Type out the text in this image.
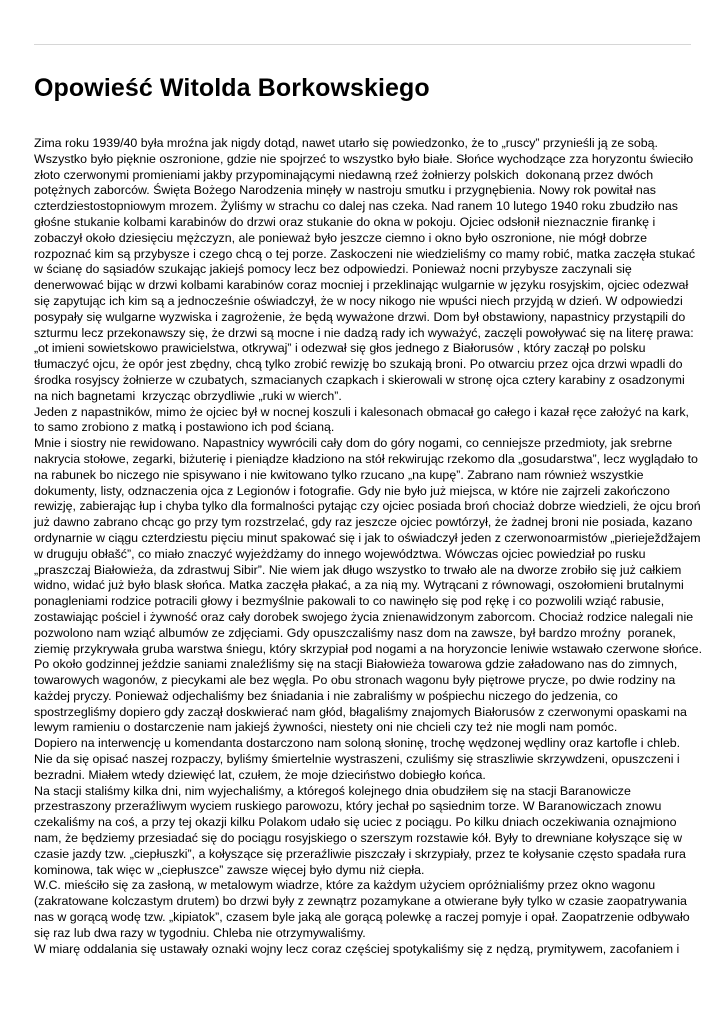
Opowieść Witolda Borkowskiego
Zima roku 1939/40 była mroźna jak nigdy dotąd, nawet utarło się powiedzonko, że to „ruscy” przynieśli ją ze sobą.
Wszystko było pięknie oszronione, gdzie nie spojrzeć to wszystko było białe. Słońce wychodzące zza horyzontu świeciło
złoto czerwonymi promieniami jakby przypominającymi niedawną rzeź żołnierzy polskich  dokonaną przez dwóch
potężnych zaborców. Święta Bożego Narodzenia minęły w nastroju smutku i przygnębienia. Nowy rok powitał nas
czterdziestostopniowym mrozem. Żyliśmy w strachu co dalej nas czeka. Nad ranem 10 lutego 1940 roku zbudziło nas
głośne stukanie kolbami karabinów do drzwi oraz stukanie do okna w pokoju. Ojciec odsłonił nieznacznie firankę i
zobaczył około dziesięciu mężczyzn, ale ponieważ było jeszcze ciemno i okno było oszronione, nie mógł dobrze
rozpoznać kim są przybysze i czego chcą o tej porze. Zaskoczeni nie wiedzieliśmy co mamy robić, matka zaczęła stukać
w ścianę do sąsiadów szukając jakiejś pomocy lecz bez odpowiedzi. Ponieważ nocni przybysze zaczynali się
denerwować bijąc w drzwi kolbami karabinów coraz mocniej i przeklinając wulgarnie w języku rosyjskim, ojciec odezwał
się zapytując ich kim są a jednocześnie oświadczył, że w nocy nikogo nie wpuści niech przyjdą w dzień. W odpowiedzi
posypały się wulgarne wyzwiska i zagrożenie, że będą wyważone drzwi. Dom był obstawiony, napastnicy przystąpili do
szturmu lecz przekonawszy się, że drzwi są mocne i nie dadzą rady ich wyważyć, zaczęli powoływać się na literę prawa:
„ot imieni sowietskowo prawicielstwa, otkrywaj” i odezwał się głos jednego z Białorusów , który zaczął po polsku
tłumaczyć ojcu, że opór jest zbędny, chcą tylko zrobić rewizję bo szukają broni. Po otwarciu przez ojca drzwi wpadli do
środka rosyjscy żołnierze w czubatych, szmacianych czapkach i skierowali w stronę ojca cztery karabiny z osadzonymi
na nich bagnetami  krzycząc obrzydliwie „ruki w wierch”.
Jeden z napastników, mimo że ojciec był w nocnej koszuli i kalesonach obmacał go całego i kazał ręce założyć na kark,
to samo zrobiono z matką i postawiono ich pod ścianą.
Mnie i siostry nie rewidowano. Napastnicy wywrócili cały dom do góry nogami, co cenniejsze przedmioty, jak srebrne
nakrycia stołowe, zegarki, biżuterię i pieniądze kładziono na stół rekwirując rzekomo dla „gosudarstwa”, lecz wyglądało to
na rabunek bo niczego nie spisywano i nie kwitowano tylko rzucano „na kupę”. Zabrano nam również wszystkie
dokumenty, listy, odznaczenia ojca z Legionów i fotografie. Gdy nie było już miejsca, w które nie zajrzeli zakończono
rewizję, zabierając łup i chyba tylko dla formalności pytając czy ojciec posiada broń chociaż dobrze wiedzieli, że ojcu broń
już dawno zabrano chcąc go przy tym rozstrzelać, gdy raz jeszcze ojciec powtórzył, że żadnej broni nie posiada, kazano
ordynarnie w ciągu czterdziestu pięciu minut spakować się i jak to oświadczył jeden z czerwonoarmistów „pierieježdžajem
w druguju obłašć”, co miało znaczyć wyjeżdżamy do innego województwa. Wówczas ojciec powiedział po rusku
„praszczaj Białowieża, da zdrastwuj Sibir”. Nie wiem jak długo wszystko to trwało ale na dworze zrobiło się już całkiem
widno, widać już było blask słońca. Matka zaczęła płakać, a za nią my. Wytrącani z równowagi, oszołomieni brutalnymi
ponagleniami rodzice potracili głowy i bezmyślnie pakowali to co nawinęło się pod rękę i co pozwolili wziąć rabusie,
zostawiając pościel i żywność oraz cały dorobek swojego życia znienawidzonym zaborcom. Chociaż rodzice nalegali nie
pozwolono nam wziąć albumów ze zdjęciami. Gdy opuszczaliśmy nasz dom na zawsze, był bardzo mroźny  poranek,
ziemię przykrywała gruba warstwa śniegu, który skrzypiał pod nogami a na horyzoncie leniwie wstawało czerwone słońce.
Po około godzinnej jeździe saniami znaleźliśmy się na stacji Białowieża towarowa gdzie załadowano nas do zimnych,
towarowych wagonów, z piecykami ale bez węgla. Po obu stronach wagonu były piętrowe prycze, po dwie rodziny na
każdej pryczy. Ponieważ odjechaliśmy bez śniadania i nie zabraliśmy w pośpiechu niczego do jedzenia, co
spostrzegliśmy dopiero gdy zaczął doskwierać nam głód, błagaliśmy znajomych Białorusów z czerwonymi opaskami na
lewym ramieniu o dostarczenie nam jakiejś żywności, niestety oni nie chcieli czy też nie mogli nam pomóc.
Dopiero na interwencję u komendanta dostarczono nam soloną słoninę, trochę wędzonej wędliny oraz kartofle i chleb.
Nie da się opisać naszej rozpaczy, byliśmy śmiertelnie wystraszeni, czuliśmy się straszliwie skrzywdzeni, opuszczeni i
bezradni. Miałem wtedy dziewięć lat, czułem, że moje dzieciństwo dobiegło końca.
Na stacji staliśmy kilka dni, nim wyjechaliśmy, a któregoś kolejnego dnia obudziłem się na stacji Baranowicze
przestraszony przeraźliwym wyciem ruskiego parowozu, który jechał po sąsiednim torze. W Baranowiczach znowu
czekaliśmy na coś, a przy tej okazji kilku Polakom udało się uciec z pociągu. Po kilku dniach oczekiwania oznajmiono
nam, że będziemy przesiadać się do pociągu rosyjskiego o szerszym rozstawie kół. Były to drewniane kołyszące się w
czasie jazdy tzw. „ciepłuszki”, a kołyszące się przeraźliwie piszczały i skrzypiały, przez te kołysanie często spadała rura
kominowa, tak więc w „ciepłuszce” zawsze więcej było dymu niż ciepła.
W.C. mieściło się za zasłoną, w metalowym wiadrze, które za każdym użyciem opróżnialiśmy przez okno wagonu
(zakratowane kolczastym drutem) bo drzwi były z zewnątrz pozamykane a otwierane były tylko w czasie zaopatrywania
nas w gorącą wodę tzw. „kipiatok”, czasem byle jaką ale gorącą polewkę a raczej pomyje i opał. Zaopatrzenie odbywało
się raz lub dwa razy w tygodniu. Chleba nie otrzymywaliśmy.
W miarę oddalania się ustawały oznaki wojny lecz coraz częściej spotykaliśmy się z nędzą, prymitywem, zacofaniem i
